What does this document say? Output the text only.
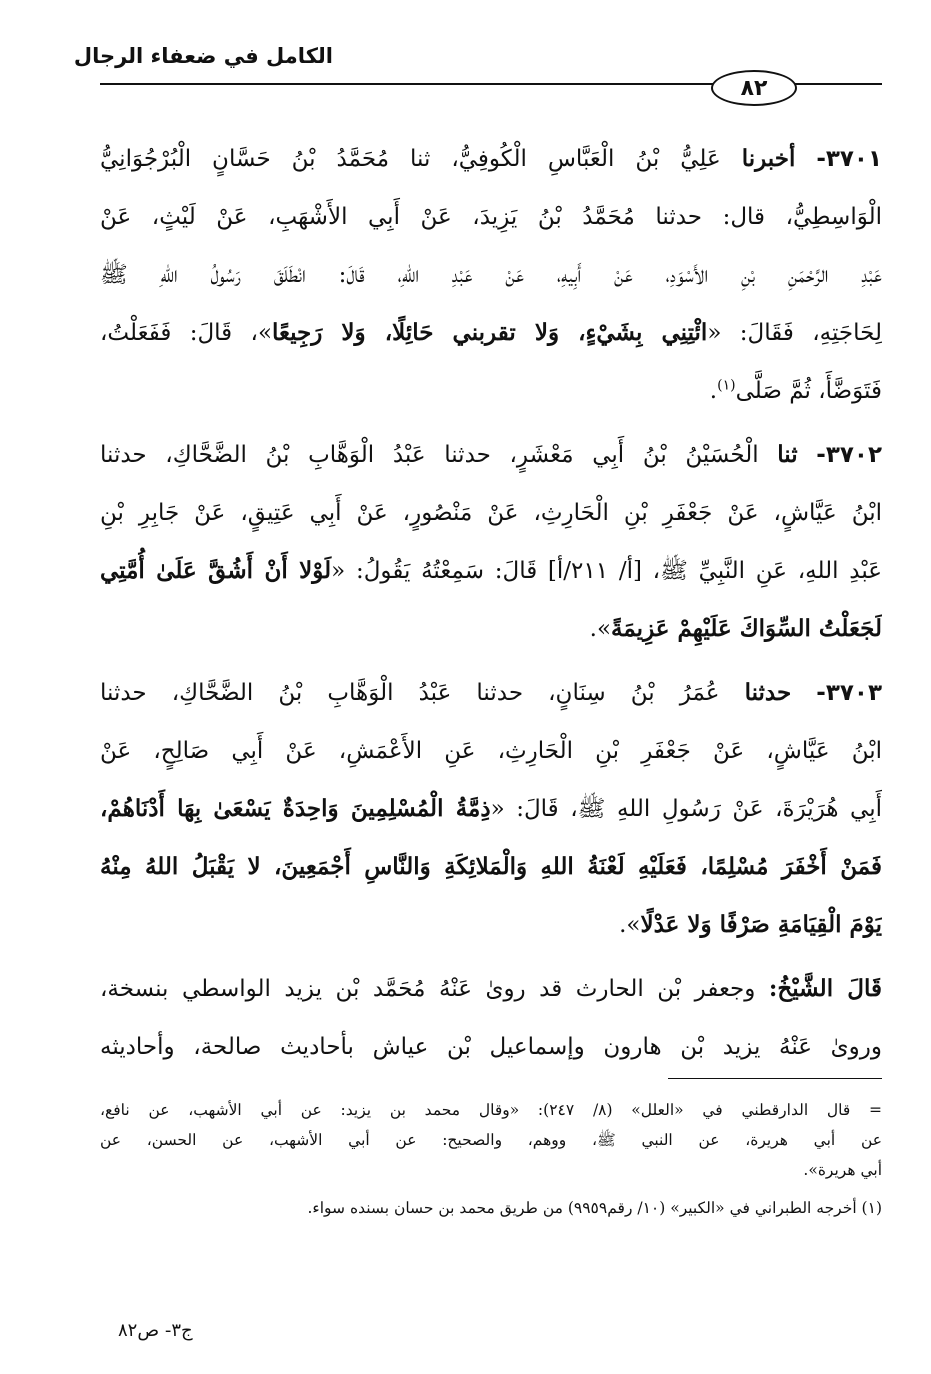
الكامل في ضعفاء الرجال
٨٢
٣٧٠١- أخبرنا عَلِيُّ بْنُ الْعَبَّاسِ الْكُوفِيُّ، ثنا مُحَمَّدُ بْنُ حَسَّانٍ الْبُرْجُوَانِيُّ
الْوَاسِطِيُّ، قال: حدثنا مُحَمَّدُ بْنُ يَزِيدَ، عَنْ أَبِي الأَشْهَبِ، عَنْ لَيْثٍ، عَنْ
عَبْدِ الرَّحْمَنِ بْنِ الأَسْوَدِ، عَنْ أَبِيهِ، عَنْ عَبْدِ اللهِ، قَالَ: انْطَلَقَ رَسُولُ اللهِ ﷺ
لِحَاجَتِهِ، فَقَالَ: «ائْتِنِي بِشَيْءٍ، وَلا تقربني حَائِلًا، وَلا رَجِيعًا»، قَالَ: فَفَعَلْتُ،
فَتَوَضَّأَ، ثُمَّ صَلَّى$^{(١)}$.
٣٧٠٢- ثنا الْحُسَيْنُ بْنُ أَبِي مَعْشَرٍ، حدثنا عَبْدُ الْوَهَّابِ بْنُ الضَّحَّاكِ، حدثنا
ابْنُ عَيَّاشٍ، عَنْ جَعْفَرِ بْنِ الْحَارِثِ، عَنْ مَنْصُورٍ، عَنْ أَبِي عَتِيقٍ، عَنْ جَابِرِ بْنِ
عَبْدِ اللهِ، عَنِ النَّبِيِّ ﷺ، [أ/ ٢١١/أ] قَالَ: سَمِعْتُهُ يَقُولُ: «لَوْلا أَنْ أَشُقَّ عَلَىٰ أُمَّتِي
لَجَعَلْتُ السِّوَاكَ عَلَيْهِمْ عَزِيمَةً».
٣٧٠٣- حدثنا عُمَرُ بْنُ سِنَانٍ، حدثنا عَبْدُ الْوَهَّابِ بْنُ الضَّحَّاكِ، حدثنا
ابْنُ عَيَّاشٍ، عَنْ جَعْفَرِ بْنِ الْحَارِثِ، عَنِ الأَعْمَشِ، عَنْ أَبِي صَالِحٍ، عَنْ
أَبِي هُرَيْرَةَ، عَنْ رَسُولِ اللهِ ﷺ، قَالَ: «ذِمَّةُ الْمُسْلِمِينَ وَاحِدَةٌ يَسْعَىٰ بِهَا أَدْنَاهُمْ،
فَمَنْ أَخْفَرَ مُسْلِمًا، فَعَلَيْهِ لَعْنَةُ اللهِ وَالْمَلائِكَةِ وَالنَّاسِ أَجْمَعِينَ، لا يَقْبَلُ اللهُ مِنْهُ
يَوْمَ الْقِيَامَةِ صَرْفًا وَلا عَدْلًا».
قَالَ الشَّيْخُ: وجعفر بْن الحارث قد روىٰ عَنْهُ مُحَمَّد بْن يزيد الواسطي بنسخة،
وروىٰ عَنْهُ يزيد بْن هارون وإسماعيل بْن عياش بأحاديث صالحة، وأحاديثه
= قال الدارقطني في «العلل» (٨/ ٢٤٧): «وقال محمد بن يزيد: عن أبي الأشهب، عن نافع،
عن أبي هريرة، عن النبي ﷺ، ووهم، والصحيح: عن أبي الأشهب، عن الحسن، عن
أبي هريرة».
(١) أخرجه الطبراني في «الكبير» (١٠/ رقم٩٩٥٩) من طريق محمد بن حسان بسنده سواء.
ج٣- ص٨٢
